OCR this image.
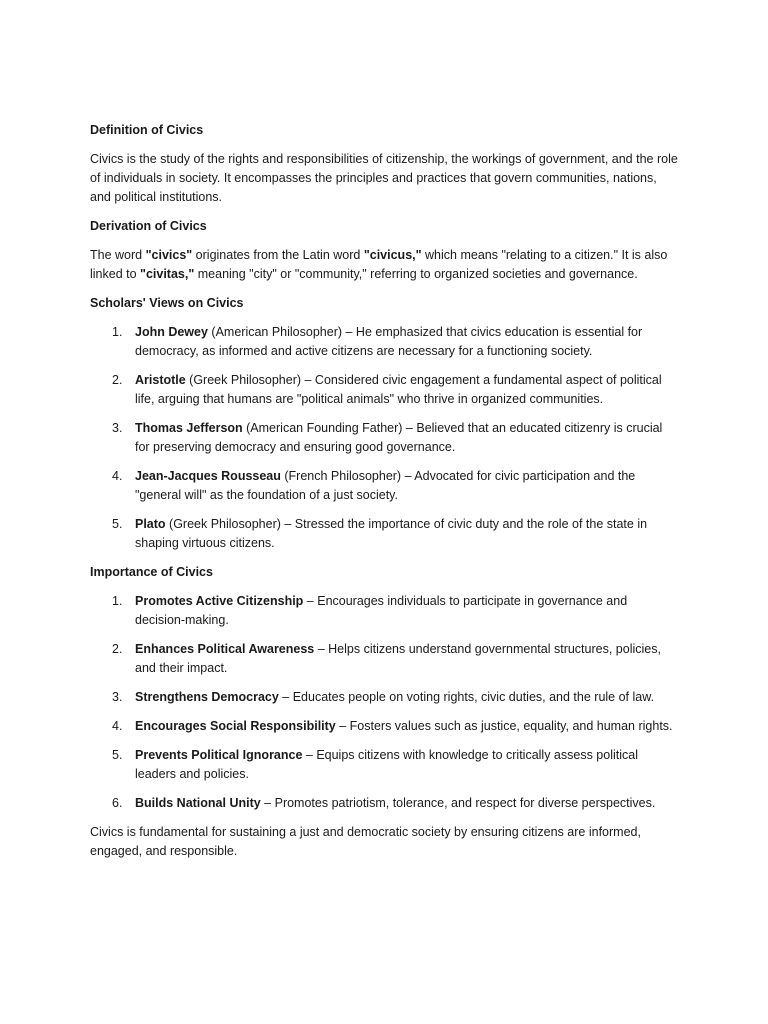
Definition of Civics

Civics is the study of the rights and responsibilities of citizenship, the workings of government, and the role of individuals in society. It encompasses the principles and practices that govern communities, nations, and political institutions.

Derivation of Civics

The word "civics" originates from the Latin word "civicus," which means "relating to a citizen." It is also linked to "civitas," meaning "city" or "community," referring to organized societies and governance.

Scholars' Views on Civics

1. John Dewey (American Philosopher) – He emphasized that civics education is essential for democracy, as informed and active citizens are necessary for a functioning society.
2. Aristotle (Greek Philosopher) – Considered civic engagement a fundamental aspect of political life, arguing that humans are "political animals" who thrive in organized communities.
3. Thomas Jefferson (American Founding Father) – Believed that an educated citizenry is crucial for preserving democracy and ensuring good governance.
4. Jean-Jacques Rousseau (French Philosopher) – Advocated for civic participation and the "general will" as the foundation of a just society.
5. Plato (Greek Philosopher) – Stressed the importance of civic duty and the role of the state in shaping virtuous citizens.

Importance of Civics

1. Promotes Active Citizenship – Encourages individuals to participate in governance and decision-making.
2. Enhances Political Awareness – Helps citizens understand governmental structures, policies, and their impact.
3. Strengthens Democracy – Educates people on voting rights, civic duties, and the rule of law.
4. Encourages Social Responsibility – Fosters values such as justice, equality, and human rights.
5. Prevents Political Ignorance – Equips citizens with knowledge to critically assess political leaders and policies.
6. Builds National Unity – Promotes patriotism, tolerance, and respect for diverse perspectives.

Civics is fundamental for sustaining a just and democratic society by ensuring citizens are informed, engaged, and responsible.
